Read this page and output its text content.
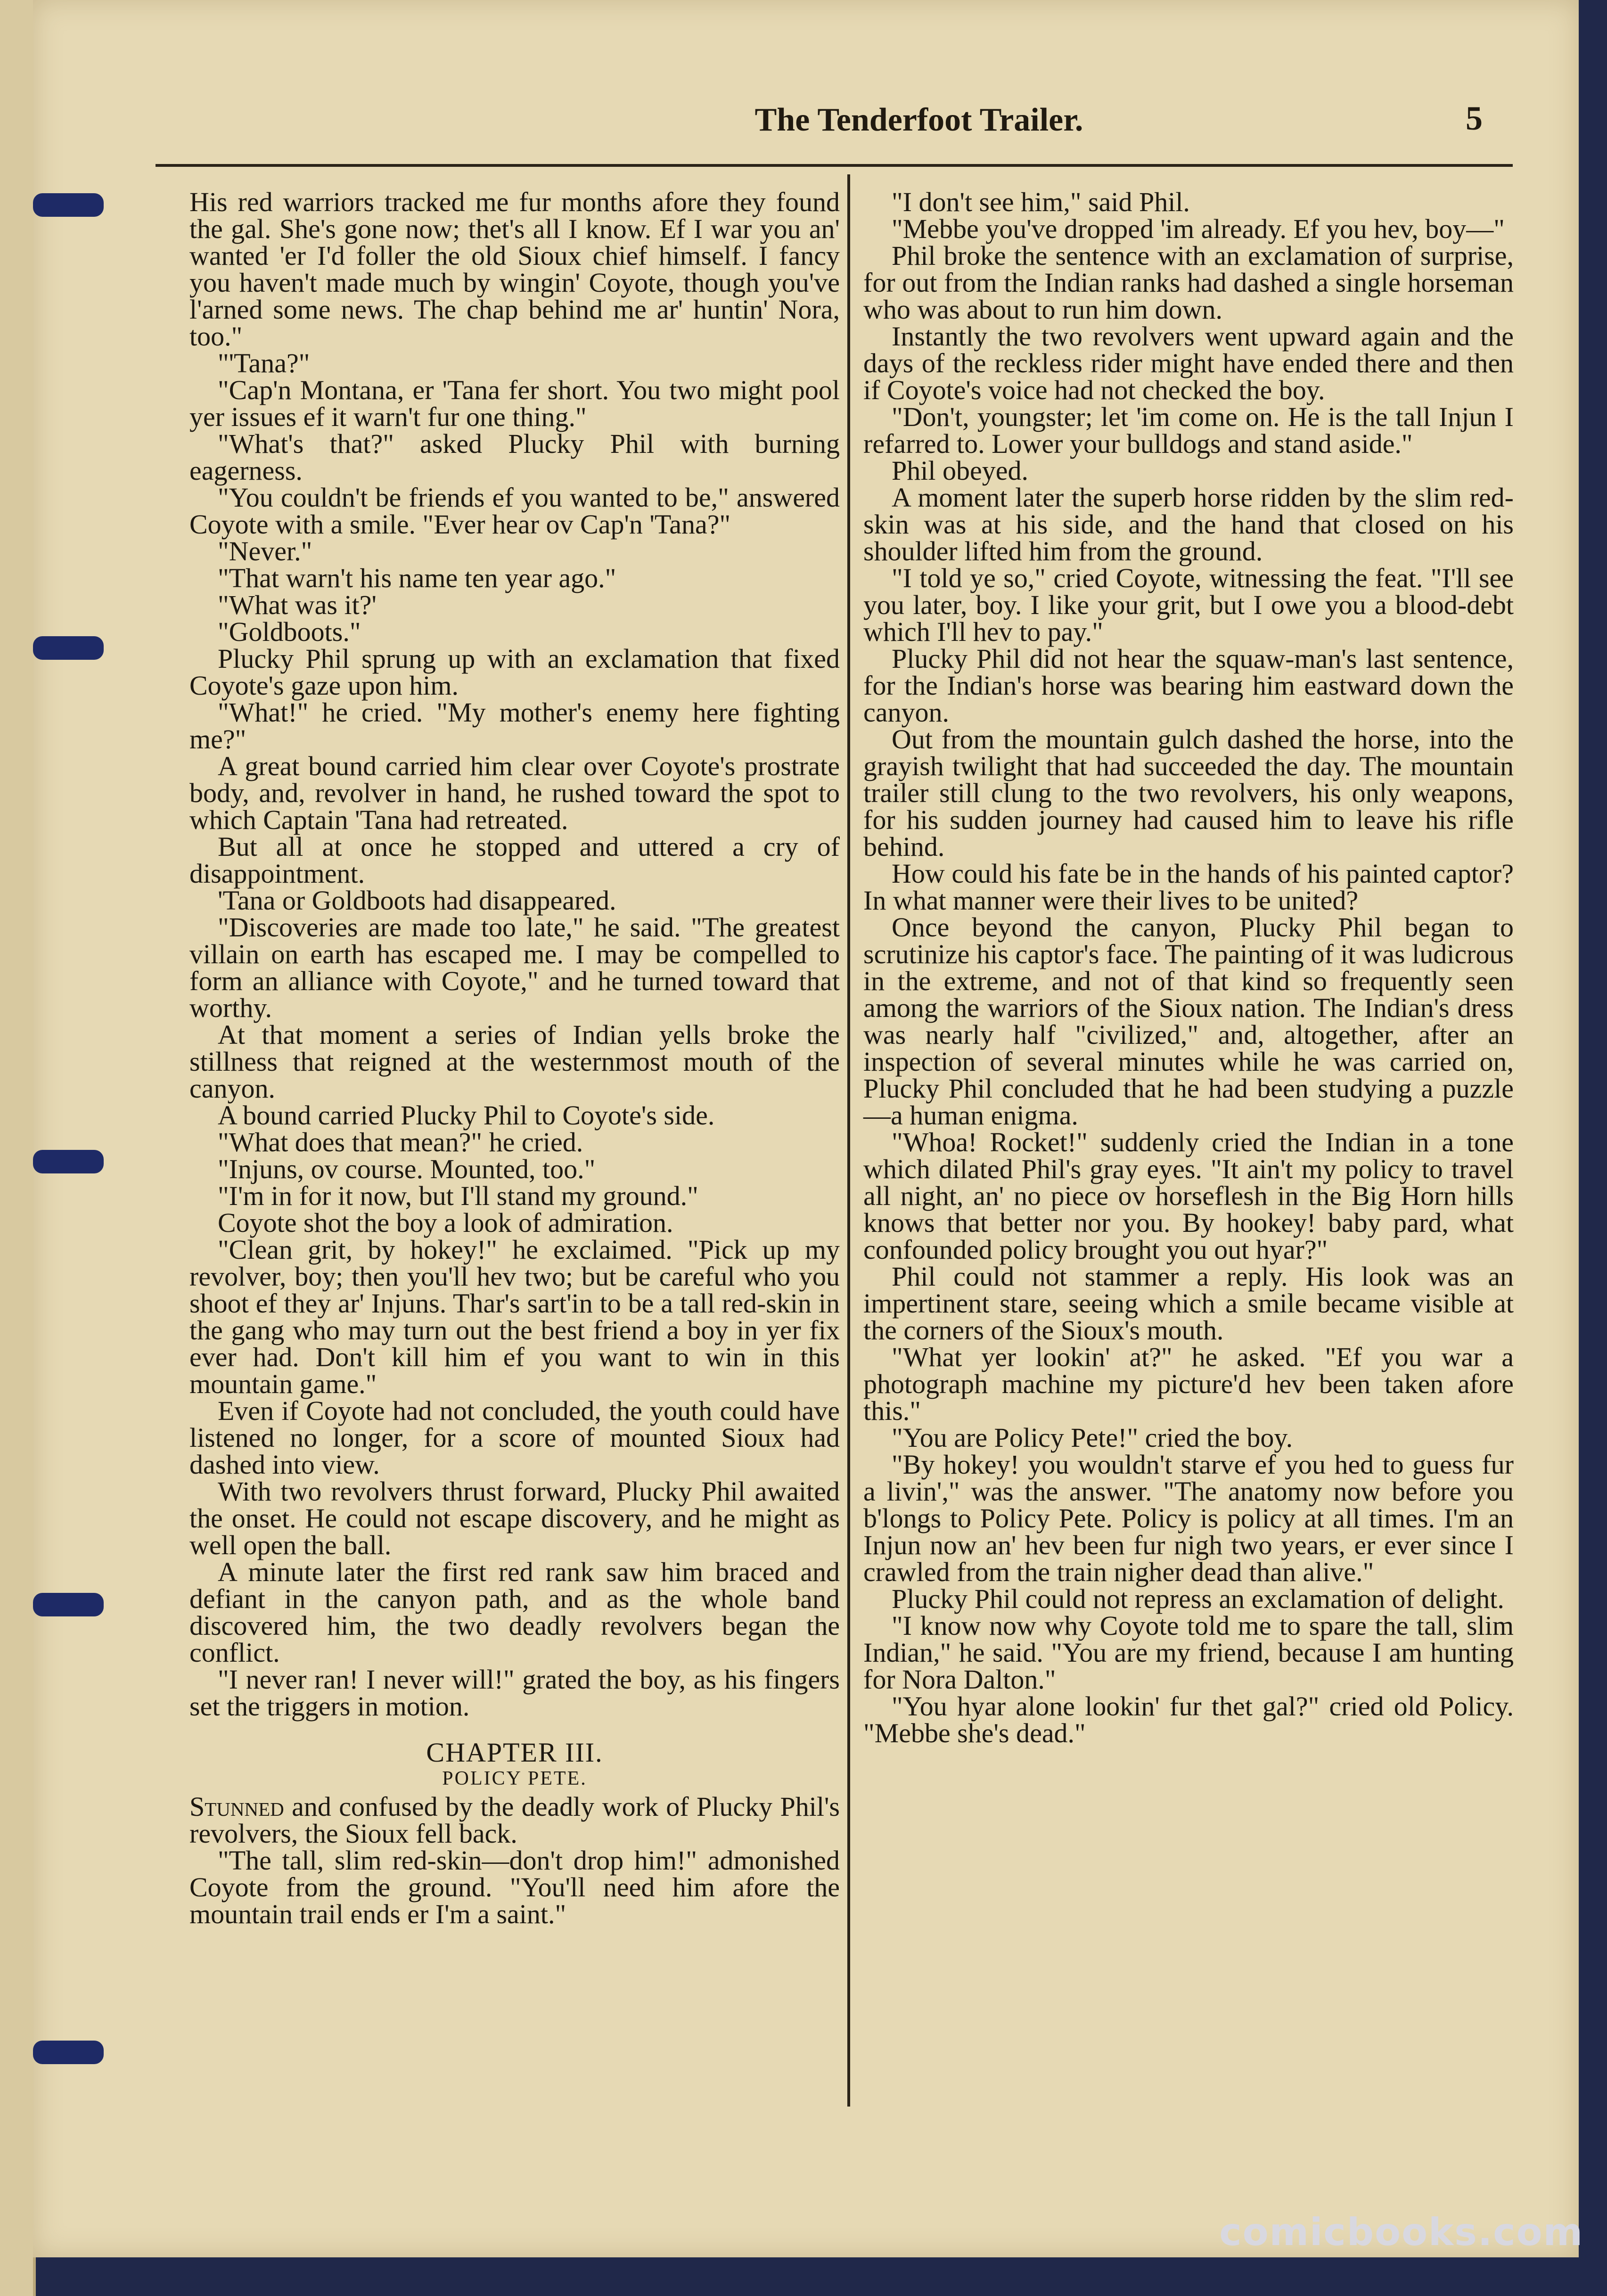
The Tenderfoot Trailer.	5

His red warriors tracked me fur months afore they found the gal. She's gone now; thet's all I know. Ef I war you an' wanted 'er I'd foller the old Sioux chief himself. I fancy you haven't made much by wingin' Coyote, though you've l'arned some news. The chap behind me ar' huntin' Nora, too."

"'Tana?"

"Cap'n Montana, er 'Tana fer short. You two might pool yer issues ef it warn't fur one thing."

"What's that?" asked Plucky Phil with burning eagerness.

"You couldn't be friends ef you wanted to be," answered Coyote with a smile. "Ever hear ov Cap'n 'Tana?"

"Never."

"That warn't his name ten year ago."

"What was it?'

"Goldboots."

Plucky Phil sprung up with an exclamation that fixed Coyote's gaze upon him.

"What!" he cried. "My mother's enemy here fighting me?"

A great bound carried him clear over Coyote's prostrate body, and, revolver in hand, he rushed toward the spot to which Captain 'Tana had retreated.

But all at once he stopped and uttered a cry of disappointment.

'Tana or Goldboots had disappeared.

"Discoveries are made too late," he said. "The greatest villain on earth has escaped me. I may be compelled to form an alliance with Coyote," and he turned toward that worthy.

At that moment a series of Indian yells broke the stillness that reigned at the westernmost mouth of the canyon.

A bound carried Plucky Phil to Coyote's side.

"What does that mean?" he cried.

"Injuns, ov course. Mounted, too."

"I'm in for it now, but I'll stand my ground."

Coyote shot the boy a look of admiration.

"Clean grit, by hokey!" he exclaimed. "Pick up my revolver, boy; then you'll hev two; but be careful who you shoot ef they ar' Injuns. Thar's sart'in to be a tall red-skin in the gang who may turn out the best friend a boy in yer fix ever had. Don't kill him ef you want to win in this mountain game."

Even if Coyote had not concluded, the youth could have listened no longer, for a score of mounted Sioux had dashed into view.

With two revolvers thrust forward, Plucky Phil awaited the onset. He could not escape discovery, and he might as well open the ball.

A minute later the first red rank saw him braced and defiant in the canyon path, and as the whole band discovered him, the two deadly revolvers began the conflict.

"I never ran! I never will!" grated the boy, as his fingers set the triggers in motion.

CHAPTER III.
POLICY PETE.

Stunned and confused by the deadly work of Plucky Phil's revolvers, the Sioux fell back.

"The tall, slim red-skin—don't drop him!" admonished Coyote from the ground. "You'll need him afore the mountain trail ends er I'm a saint."

"I don't see him," said Phil.

"Mebbe you've dropped 'im already. Ef you hev, boy—"

Phil broke the sentence with an exclamation of surprise, for out from the Indian ranks had dashed a single horseman who was about to run him down.

Instantly the two revolvers went upward again and the days of the reckless rider might have ended there and then if Coyote's voice had not checked the boy.

"Don't, youngster; let 'im come on. He is the tall Injun I refarred to. Lower your bulldogs and stand aside."

Phil obeyed.

A moment later the superb horse ridden by the slim red-skin was at his side, and the hand that closed on his shoulder lifted him from the ground.

"I told ye so," cried Coyote, witnessing the feat. "I'll see you later, boy. I like your grit, but I owe you a blood-debt which I'll hev to pay."

Plucky Phil did not hear the squaw-man's last sentence, for the Indian's horse was bearing him eastward down the canyon.

Out from the mountain gulch dashed the horse, into the grayish twilight that had succeeded the day. The mountain trailer still clung to the two revolvers, his only weapons, for his sudden journey had caused him to leave his rifle behind.

How could his fate be in the hands of his painted captor? In what manner were their lives to be united?

Once beyond the canyon, Plucky Phil began to scrutinize his captor's face. The painting of it was ludicrous in the extreme, and not of that kind so frequently seen among the warriors of the Sioux nation. The Indian's dress was nearly half "civilized," and, altogether, after an inspection of several minutes while he was carried on, Plucky Phil concluded that he had been studying a puzzle—a human enigma.

"Whoa! Rocket!" suddenly cried the Indian in a tone which dilated Phil's gray eyes. "It ain't my policy to travel all night, an' no piece ov horseflesh in the Big Horn hills knows that better nor you. By hookey! baby pard, what confounded policy brought you out hyar?"

Phil could not stammer a reply. His look was an impertinent stare, seeing which a smile became visible at the corners of the Sioux's mouth.

"What yer lookin' at?" he asked. "Ef you war a photograph machine my picture'd hev been taken afore this."

"You are Policy Pete!" cried the boy.

"By hokey! you wouldn't starve ef you hed to guess fur a livin'," was the answer. "The anatomy now before you b'longs to Policy Pete. Policy is policy at all times. I'm an Injun now an' hev been fur nigh two years, er ever since I crawled from the train nigher dead than alive."

Plucky Phil could not repress an exclamation of delight.

"I know now why Coyote told me to spare the tall, slim Indian," he said. "You are my friend, because I am hunting for Nora Dalton."

"You hyar alone lookin' fur thet gal?" cried old Policy. "Mebbe she's dead."

comicbooks.com
